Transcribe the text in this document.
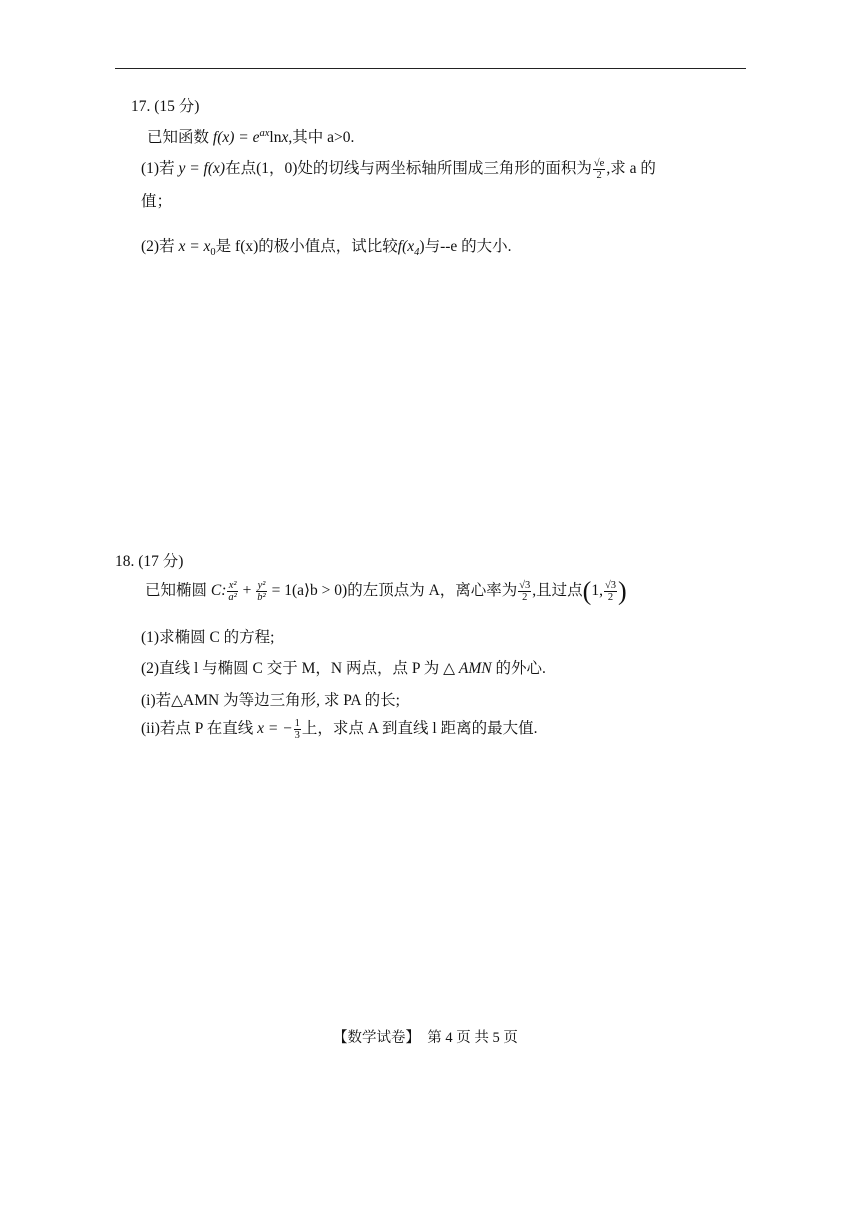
17. (15 分)
已知函数 $f(x) = e^{ax}\ln x$,其中 a>0.
(1)若 y = f(x)在点(1，0)处的切线与两坐标轴所围成三角形的面积为 $\frac{√e}{2}$ ,求 a 的
值；
(2)若 $x = x_0$是 f(x)的极小值点，试比较$f(x_4)$与--e 的大小.
18. (17 分)
已知椭圆 C: $\frac{\text{x²}}{\text{a²}} + \frac{\text{y²}}{\text{b²}}$ = 1(a⟩b > 0)的左顶点为 A，离心率为 $\frac{√3}{2}$ ,且过点(1, $\frac{√3}{2}$ )
(1)求椭圆 C 的方程;
(2)直线 l 与椭圆 C 交于 M，N 两点，点 P 为 △ AMN 的外心.
(i)若△AMN 为等边三角形, 求 PA 的长;
(ii)若点 P 在直线 x = − $\frac{1}{3}$ 上，求点 A 到直线 l 距离的最大值.
【数学试卷】 第 4 页 共 5 页
